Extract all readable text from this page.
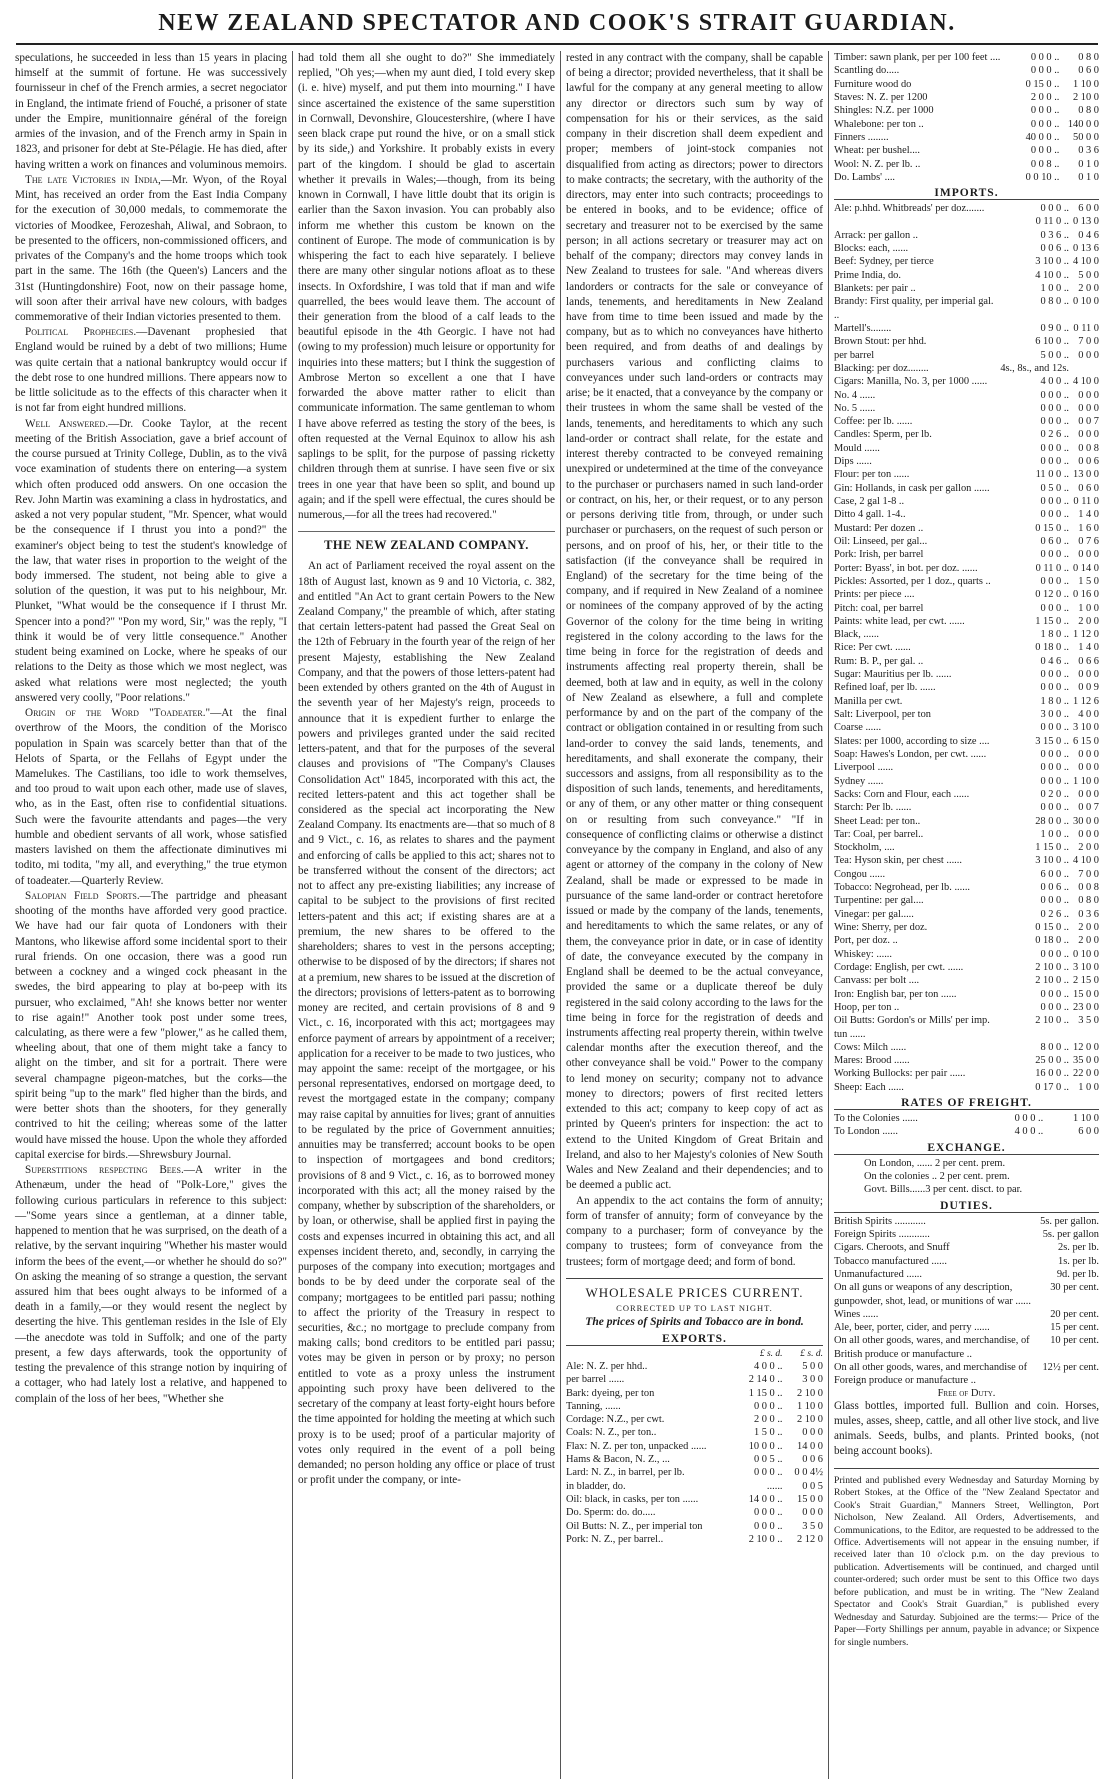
NEW ZEALAND SPECTATOR AND COOK'S STRAIT GUARDIAN.

speculations, he succeeded in less than 15 years in placing himself at the summit of fortune. He was successively fournisseur in chef of the French armies, a secret negociator in England, the intimate friend of Fouché, a prisoner of state under the Empire, munitionnaire général of the foreign armies of the invasion, and of the French army in Spain in 1823, and prisoner for debt at Ste-Pélagie. He has died, after having written a work on finances and voluminous memoirs.

The late Victories in India,—Mr. Wyon, of the Royal Mint, has received an order from the East India Company for the execution of 30,000 medals, to commemorate the victories of Moodkee, Ferozeshah, Aliwal, and Sobraon, to be presented to the officers, non-commissioned officers, and privates of the Company's and the home troops which took part in the same. The 16th (the Queen's) Lancers and the 31st (Huntingdonshire) Foot, now on their passage home, will soon after their arrival have new colours, with badges commemorative of their Indian victories presented to them.

Political Prophecies.—Davenant prophesied that England would be ruined by a debt of two millions; Hume was quite certain that a national bankruptcy would occur if the debt rose to one hundred millions. There appears now to be little solicitude as to the effects of this character when it is not far from eight hundred millions.

Well Answered.—Dr. Cooke Taylor, at the recent meeting of the British Association, gave a brief account of the course pursued at Trinity College, Dublin, as to the vivâ voce examination of students there on entering—a system which often produced odd answers. On one occasion the Rev. John Martin was examining a class in hydrostatics, and asked a not very popular student, "Mr. Spencer, what would be the consequence if I thrust you into a pond?" the examiner's object being to test the student's knowledge of the law, that water rises in proportion to the weight of the body immersed. The student, not being able to give a solution of the question, it was put to his neighbour, Mr. Plunket, "What would be the consequence if I thrust Mr. Spencer into a pond?" "Pon my word, Sir," was the reply, "I think it would be of very little consequence." Another student being examined on Locke, where he speaks of our relations to the Deity as those which we most neglect, was asked what relations were most neglected; the youth answered very coolly, "Poor relations."

Origin of the Word "Toadeater."—At the final overthrow of the Moors, the condition of the Morisco population in Spain was scarcely better than that of the Helots of Sparta, or the Fellahs of Egypt under the Mamelukes. The Castilians, too idle to work themselves, and too proud to wait upon each other, made use of slaves, who, as in the East, often rise to confidential situations. Such were the favourite attendants and pages—the very humble and obedient servants of all work, whose satisfied masters lavished on them the affectionate diminutives mi todito, mi todita, "my all, and everything," the true etymon of toadeater.—Quarterly Review.

Salopian Field Sports.—The partridge and pheasant shooting of the months have afforded very good practice. We have had our fair quota of Londoners with their Mantons, who likewise afford some incidental sport to their rural friends. On one occasion, there was a good run between a cockney and a winged cock pheasant in the swedes, the bird appearing to play at bo-peep with its pursuer, who exclaimed, "Ah! she knows better nor wenter to rise again!" Another took post under some trees, calculating, as there were a few "plower," as he called them, wheeling about, that one of them might take a fancy to alight on the timber, and sit for a portrait. There were several champagne pigeon-matches, but the corks—the spirit being "up to the mark" fled higher than the birds, and were better shots than the shooters, for they generally contrived to hit the ceiling; whereas some of the latter would have missed the house. Upon the whole they afforded capital exercise for birds.—Shrewsbury Journal.

Superstitions respecting Bees.—A writer in the Athenæum, under the head of "Polk-Lore," gives the following curious particulars in reference to this subject:—"Some years since a gentleman, at a dinner table, happened to mention that he was surprised, on the death of a relative, by the servant inquiring "Whether his master would inform the bees of the event,—or whether he should do so?" On asking the meaning of so strange a question, the servant assured him that bees ought always to be informed of a death in a family,—or they would resent the neglect by deserting the hive. This gentleman resides in the Isle of Ely—the anecdote was told in Suffolk; and one of the party present, a few days afterwards, took the opportunity of testing the prevalence of this strange notion by inquiring of a cottager, who had lately lost a relative, and happened to complain of the loss of her bees, "Whether she

had told them all she ought to do?" She immediately replied, "Oh yes;—when my aunt died, I told every skep (i. e. hive) myself, and put them into mourning." I have since ascertained the existence of the same superstition in Cornwall, Devonshire, Gloucestershire, (where I have seen black crape put round the hive, or on a small stick by its side,) and Yorkshire. It probably exists in every part of the kingdom. I should be glad to ascertain whether it prevails in Wales;—though, from its being known in Cornwall, I have little doubt that its origin is earlier than the Saxon invasion. You can probably also inform me whether this custom be known on the continent of Europe. The mode of communication is by whispering the fact to each hive separately. I believe there are many other singular notions afloat as to these insects. In Oxfordshire, I was told that if man and wife quarrelled, the bees would leave them. The account of their generation from the blood of a calf leads to the beautiful episode in the 4th Georgic. I have not had (owing to my profession) much leisure or opportunity for inquiries into these matters; but I think the suggestion of Ambrose Merton so excellent a one that I have forwarded the above matter rather to elicit than communicate information. The same gentleman to whom I have above referred as testing the story of the bees, is often requested at the Vernal Equinox to allow his ash saplings to be split, for the purpose of passing ricketty children through them at sunrise. I have seen five or six trees in one year that have been so split, and bound up again; and if the spell were effectual, the cures should be numerous,—for all the trees had recovered."

THE NEW ZEALAND COMPANY.

An act of Parliament received the royal assent on the 18th of August last, known as 9 and 10 Victoria, c. 382, and entitled "An Act to grant certain Powers to the New Zealand Company," the preamble of which, after stating that certain letters-patent had passed the Great Seal on the 12th of February in the fourth year of the reign of her present Majesty, establishing the New Zealand Company, and that the powers of those letters-patent had been extended by others granted on the 4th of August in the seventh year of her Majesty's reign, proceeds to announce that it is expedient further to enlarge the powers and privileges granted under the said recited letters-patent, and that for the purposes of the several clauses and provisions of "The Company's Clauses Consolidation Act" 1845, incorporated with this act, the recited letters-patent and this act together shall be considered as the special act incorporating the New Zealand Company. Its enactments are—that so much of 8 and 9 Vict., c. 16, as relates to shares and the payment and enforcing of calls be applied to this act; shares not to be transferred without the consent of the directors; act not to affect any pre-existing liabilities; any increase of capital to be subject to the provisions of first recited letters-patent and this act; if existing shares are at a premium, the new shares to be offered to the shareholders; shares to vest in the persons accepting; otherwise to be disposed of by the directors; if shares not at a premium, new shares to be issued at the discretion of the directors; provisions of letters-patent as to borrowing money are recited, and certain provisions of 8 and 9 Vict., c. 16, incorporated with this act; mortgagees may enforce payment of arrears by appointment of a receiver; application for a receiver to be made to two justices, who may appoint the same: receipt of the mortgagee, or his personal representatives, endorsed on mortgage deed, to revest the mortgaged estate in the company; company may raise capital by annuities for lives; grant of annuities to be regulated by the price of Government annuities; annuities may be transferred; account books to be open to inspection of mortgagees and bond creditors; provisions of 8 and 9 Vict., c. 16, as to borrowed money incorporated with this act; all the money raised by the company, whether by subscription of the shareholders, or by loan, or otherwise, shall be applied first in paying the costs and expenses incurred in obtaining this act, and all expenses incident thereto, and, secondly, in carrying the purposes of the company into execution; mortgages and bonds to be by deed under the corporate seal of the company; mortgagees to be entitled pari passu; nothing to affect the priority of the Treasury in respect to securities, &c.; no mortgage to preclude company from making calls; bond creditors to be entitled pari passu; votes may be given in person or by proxy; no person entitled to vote as a proxy unless the instrument appointing such proxy have been delivered to the secretary of the company at least forty-eight hours before the time appointed for holding the meeting at which such proxy is to be used; proof of a particular majority of votes only required in the event of a poll being demanded; no person holding any office or place of trust or profit under the company, or inte-

rested in any contract with the company, shall be capable of being a director; provided nevertheless, that it shall be lawful for the company at any general meeting to allow any director or directors such sum by way of compensation for his or their services, as the said company in their discretion shall deem expedient and proper; members of joint-stock companies not disqualified from acting as directors; power to directors to make contracts; the secretary, with the authority of the directors, may enter into such contracts; proceedings to be entered in books, and to be evidence; office of secretary and treasurer not to be exercised by the same person; in all actions secretary or treasurer may act on behalf of the company; directors may convey lands in New Zealand to trustees for sale. "And whereas divers landorders or contracts for the sale or conveyance of lands, tenements, and hereditaments in New Zealand have from time to time been issued and made by the company, but as to which no conveyances have hitherto been required, and from deaths of and dealings by purchasers various and conflicting claims to conveyances under such land-orders or contracts may arise; be it enacted, that a conveyance by the company or their trustees in whom the same shall be vested of the lands, tenements, and hereditaments to which any such land-order or contract shall relate, for the estate and interest thereby contracted to be conveyed remaining unexpired or undetermined at the time of the conveyance to the purchaser or purchasers named in such land-order or contract, on his, her, or their request, or to any person or persons deriving title from, through, or under such purchaser or purchasers, on the request of such person or persons, and on proof of his, her, or their title to the satisfaction (if the conveyance shall be required in England) of the secretary for the time being of the company, and if required in New Zealand of a nominee or nominees of the company approved of by the acting Governor of the colony for the time being in writing registered in the colony according to the laws for the time being in force for the registration of deeds and instruments affecting real property therein, shall be deemed, both at law and in equity, as well in the colony of New Zealand as elsewhere, a full and complete performance by and on the part of the company of the contract or obligation contained in or resulting from such land-order to convey the said lands, tenements, and hereditaments, and shall exonerate the company, their successors and assigns, from all responsibility as to the disposition of such lands, tenements, and hereditaments, or any of them, or any other matter or thing consequent on or resulting from such conveyance." "If in consequence of conflicting claims or otherwise a distinct conveyance by the company in England, and also of any agent or attorney of the company in the colony of New Zealand, shall be made or expressed to be made in pursuance of the same land-order or contract heretofore issued or made by the company of the lands, tenements, and hereditaments to which the same relates, or any of them, the conveyance prior in date, or in case of identity of date, the conveyance executed by the company in England shall be deemed to be the actual conveyance, provided the same or a duplicate thereof be duly registered in the said colony according to the laws for the time being in force for the registration of deeds and instruments affecting real property therein, within twelve calendar months after the execution thereof, and the other conveyance shall be void." Power to the company to lend money on security; company not to advance money to directors; powers of first recited letters extended to this act; company to keep copy of act as printed by Queen's printers for inspection: the act to extend to the United Kingdom of Great Britain and Ireland, and also to her Majesty's colonies of New South Wales and New Zealand and their dependencies; and to be deemed a public act.

An appendix to the act contains the form of annuity; form of transfer of annuity; form of conveyance by the company to a purchaser; form of conveyance by the company to trustees; form of conveyance from the trustees; form of mortgage deed; and form of bond.

WHOLESALE PRICES CURRENT.
CORRECTED UP TO LAST NIGHT.
The prices of Spirits and Tobacco are in bond.
EXPORTS.
	£ s. d.	£ s. d.
Ale: N. Z. per hhd..	4 0 0 ..	5 0 0
per barrel ......	2 14 0 ..	3 0 0
Bark: dyeing, per ton	1 15 0 ..	2 10 0
Tanning, ......	0 0 0 ..	1 10 0
Cordage: N.Z., per cwt.	2 0 0 ..	2 10 0
Coals: N. Z., per ton..	1 5 0 ..	0 0 0
Flax: N. Z. per ton, unpacked ......	10 0 0 ..	14 0 0
Hams & Bacon, N. Z., ...	0 0 5 ..	0 0 6
Lard: N. Z., in barrel, per lb.	0 0 0 ..	0 0 4½
in bladder, do.	......	0 0 5
Oil: black, in casks, per ton ......	14 0 0 ..	15 0 0
Do. Sperm: do. do.....	0 0 0 ..	0 0 0
Oil Butts: N. Z., per imperial ton	0 0 0 ..	3 5 0
Pork: N. Z., per barrel..	2 10 0 ..	2 12 0
Timber: sawn plank, per per 100 feet ....	0 0 0 ..	0 8 0
Scantling do.....	0 0 0 ..	0 6 0
Furniture wood do	0 15 0 ..	1 10 0
Staves: N. Z. per 1200	2 0 0 ..	2 10 0
Shingles: N.Z. per 1000	0 0 0 ..	0 8 0
Whalebone: per ton ..	0 0 0 ..	140 0 0
Finners ........	40 0 0 ..	50 0 0
Wheat: per bushel....	0 0 0 ..	0 3 6
Wool: N. Z. per lb. ..	0 0 8 ..	0 1 0
Do. Lambs' ....	0 0 10 ..	0 1 0
IMPORTS.
Ale: p.hhd. Whitbreads' per doz.......	0 0 0 ..	6 0 0
	0 11 0 ..	0 13 0
Arrack: per gallon ..	0 3 6 ..	0 4 6
Blocks: each, ......	0 0 6 ..	0 13 6
Beef: Sydney, per tierce	3 10 0 ..	4 10 0
Prime India, do.	4 10 0 ..	5 0 0
Blankets: per pair ..	1 0 0 ..	2 0 0
Brandy: First quality, per imperial gal. ..	0 8 0 ..	0 10 0
Martell's........	0 9 0 ..	0 11 0
Brown Stout: per hhd.	6 10 0 ..	7 0 0
per barrel	5 0 0 ..	0 0 0
Blacking: per doz........	4s., 8s., and 12s.	
Cigars: Manilla, No. 3, per 1000 ......	4 0 0 ..	4 10 0
No. 4 ......	0 0 0 ..	0 0 0
No. 5 ......	0 0 0 ..	0 0 0
Coffee: per lb. ......	0 0 0 ..	0 0 7
Candles: Sperm, per lb.	0 2 6 ..	0 0 0
Mould ......	0 0 0 ..	0 0 8
Dips ......	0 0 0 ..	0 0 6
Flour: per ton ......	11 0 0 ..	13 0 0
Gin: Hollands, in cask per gallon ......	0 5 0 ..	0 6 0
Case, 2 gal 1-8 ..	0 0 0 ..	0 11 0
Ditto 4 gall. 1-4..	0 0 0 ..	1 4 0
Mustard: Per dozen ..	0 15 0 ..	1 6 0
Oil: Linseed, per gal...	0 6 0 ..	0 7 6
Pork: Irish, per barrel	0 0 0 ..	0 0 0
Porter: Byass', in bot. per doz. ......	0 11 0 ..	0 14 0
Pickles: Assorted, per 1 doz., quarts ..	0 0 0 ..	1 5 0
Prints: per piece ....	0 12 0 ..	0 16 0
Pitch: coal, per barrel	0 0 0 ..	1 0 0
Paints: white lead, per cwt. ......	1 15 0 ..	2 0 0
Black, ......	1 8 0 ..	1 12 0
Rice: Per cwt. ......	0 18 0 ..	1 4 0
Rum: B. P., per gal. ..	0 4 6 ..	0 6 6
Sugar: Mauritius per lb. ......	0 0 0 ..	0 0 0
Refined loaf, per lb. ......	0 0 0 ..	0 0 9
Manilla per cwt.	1 8 0 ..	1 12 6
Salt: Liverpool, per ton	3 0 0 ..	4 0 0
Coarse ......	0 0 0 ..	3 10 0
Slates: per 1000, according to size ....	3 15 0 ..	6 15 0
Soap: Hawes's London, per cwt. ......	0 0 0 ..	0 0 0
Liverpool ......	0 0 0 ..	0 0 0
Sydney ......	0 0 0 ..	1 10 0
Sacks: Corn and Flour, each ......	0 2 0 ..	0 0 0
Starch: Per lb. ......	0 0 0 ..	0 0 7
Sheet Lead: per ton..	28 0 0 ..	30 0 0
Tar: Coal, per barrel..	1 0 0 ..	0 0 0
Stockholm, ....	1 15 0 ..	2 0 0
Tea: Hyson skin, per chest ......	3 10 0 ..	4 10 0
Congou ......	6 0 0 ..	7 0 0
Tobacco: Negrohead, per lb. ......	0 0 6 ..	0 0 8
Turpentine: per gal....	0 0 0 ..	0 8 0
Vinegar: per gal.....	0 2 6 ..	0 3 6
Wine: Sherry, per doz.	0 15 0 ..	2 0 0
Port, per doz. ..	0 18 0 ..	2 0 0
Whiskey: ......	0 0 0 ..	0 10 0
Cordage: English, per cwt. ......	2 10 0 ..	3 10 0
Canvass: per bolt ....	2 10 0 ..	2 15 0
Iron: English bar, per ton ......	0 0 0 ..	15 0 0
Hoop, per ton ..	0 0 0 ..	23 0 0
Oil Butts: Gordon's or Mills' per imp. tun ......	2 10 0 ..	3 5 0
Cows: Milch ......	8 0 0 ..	12 0 0
Mares: Brood ......	25 0 0 ..	35 0 0
Working Bullocks: per pair ......	16 0 0 ..	22 0 0
Sheep: Each ......	0 17 0 ..	1 0 0
RATES OF FREIGHT.
To the Colonies ......	0 0 0 ..	1 10 0
To London ......	4 0 0 ..	6 0 0
EXCHANGE.
On London, ...... 2 per cent. prem.
On the colonies .. 2 per cent. prem.
Govt. Bills......3 per cent. disct. to par.
DUTIES.
British Spirits ............	5s. per gallon.
Foreign Spirits ............	5s. per gallon
Cigars. Cheroots, and Snuff	2s. per lb.
Tobacco manufactured ......	1s. per lb.
Unmanufactured ......	9d. per lb.
On all guns or weapons of any description, gunpowder, shot, lead, or munitions of war ......	30 per cent.
Wines ......	20 per cent.
Ale, beer, porter, cider, and perry ......	15 per cent.
On all other goods, wares, and merchandise, of British produce or manufacture ..	10 per cent.
On all other goods, wares, and merchandise of Foreign produce or manufacture ..	12½ per cent.
Free of Duty.

Glass bottles, imported full. Bullion and coin. Horses, mules, asses, sheep, cattle, and all other live stock, and live animals. Seeds, bulbs, and plants. Printed books, (not being account books).

Printed and published every Wednesday and Saturday Morning by Robert Stokes, at the Office of the "New Zealand Spectator and Cook's Strait Guardian," Manners Street, Wellington, Port Nicholson, New Zealand. All Orders, Advertisements, and Communications, to the Editor, are requested to be addressed to the Office. Advertisements will not appear in the ensuing number, if received later than 10 o'clock p.m. on the day previous to publication. Advertisements will be continued, and charged until counter-ordered; such order must be sent to this Office two days before publication, and must be in writing. The "New Zealand Spectator and Cook's Strait Guardian," is published every Wednesday and Saturday. Subjoined are the terms:— Price of the Paper—Forty Shillings per annum, payable in advance; or Sixpence for single numbers.
